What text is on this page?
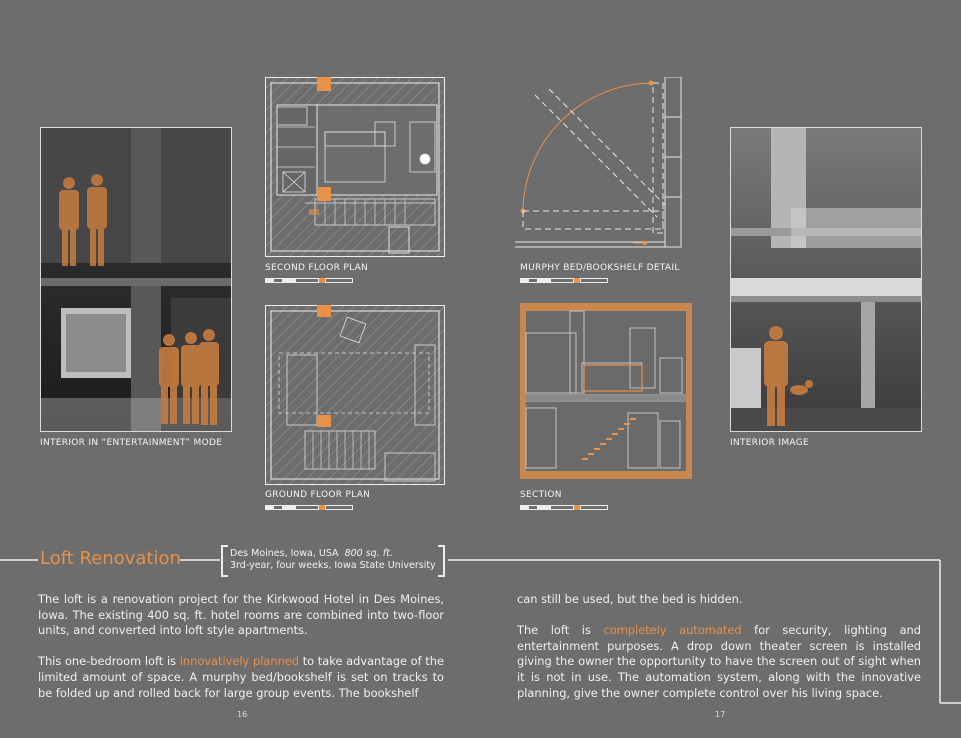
INTERIOR IN “ENTERTAINMENT” MODE	INTERIOR IMAGE
SECOND FLOOR PLAN
GROUND FLOOR PLAN
MURPHY BED/BOOKSHELF DETAIL
SECTION
Loft Renovation	Des Moines, Iowa, USA 800 sq. ft.
3rd-year, four weeks, Iowa State University

The loft is a renovation project for the Kirkwood Hotel in Des Moines, Iowa. The existing 400 sq. ft. hotel rooms are combined into two-floor units, and converted into loft style apartments.

This one-bedroom loft is innovatively planned to take advantage of the limited amount of space. A murphy bed/bookshelf is set on tracks to be folded up and rolled back for large group events. The bookshelf

can still be used, but the bed is hidden.

The loft is completely automated for security, lighting and entertainment purposes. A drop down theater screen is installed giving the owner the opportunity to have the screen out of sight when it is not in use. The automation system, along with the innovative planning, give the owner complete control over his living space.

16	17
